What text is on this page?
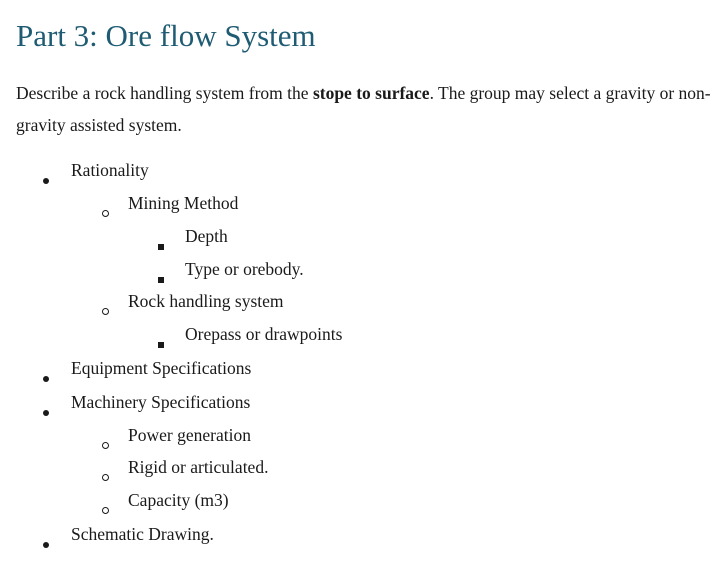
Part 3: Ore flow System

Describe a rock handling system from the stope to surface. The group may select a gravity or non-gravity assisted system.

Rationality
Mining Method
Depth
Type or orebody.
Rock handling system
Orepass or drawpoints
Equipment Specifications
Machinery Specifications
Power generation
Rigid or articulated.
Capacity (m3)
Schematic Drawing.
